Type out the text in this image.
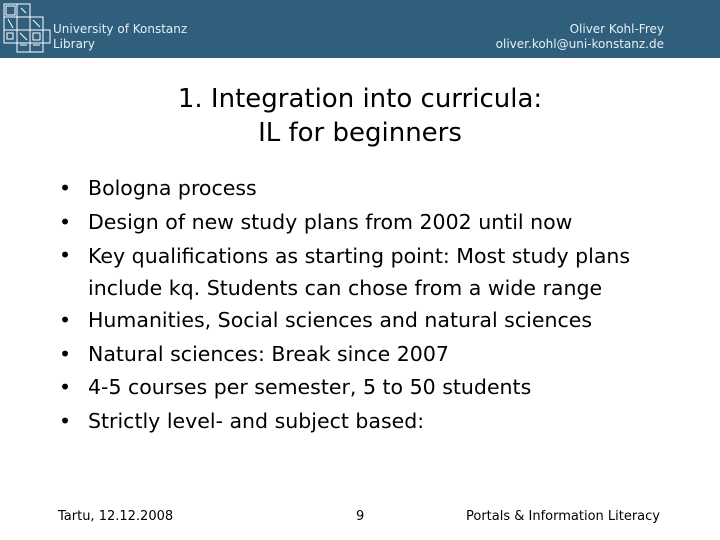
University of Konstanz
Library
Oliver Kohl-Frey
oliver.kohl@uni-konstanz.de
1. Integration into curricula:
IL for beginners
• Bologna process
• Design of new study plans from 2002 until now
• Key qualifications as starting point: Most study plans include kq. Students can chose from a wide range
• Humanities, Social sciences and natural sciences
• Natural sciences: Break since 2007
• 4-5 courses per semester, 5 to 50 students
• Strictly level- and subject based:
Tartu, 12.12.2008	9	Portals & Information Literacy
